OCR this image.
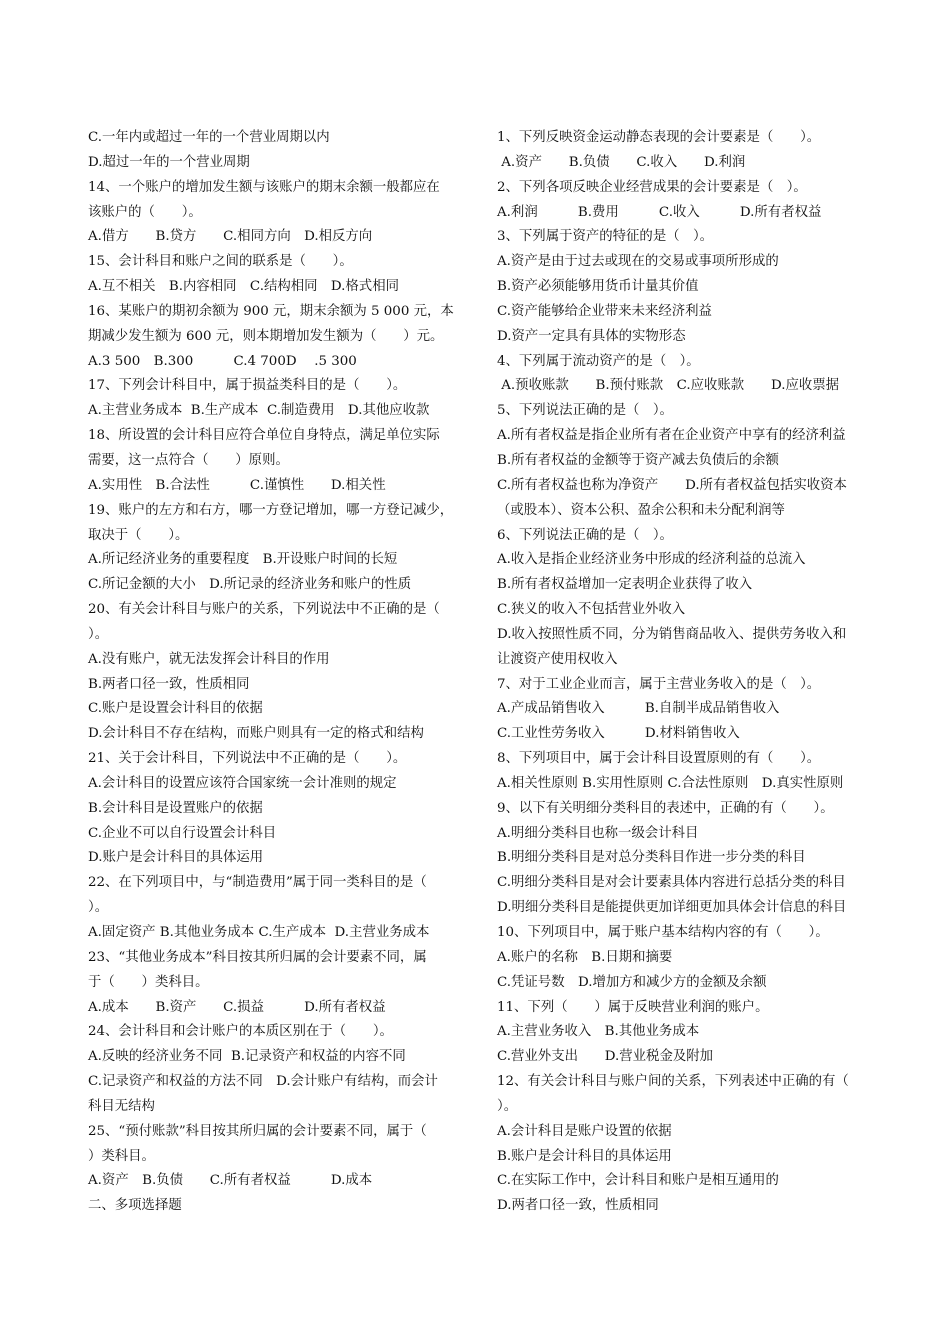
C.一年内或超过一年的一个营业周期以内
D.超过一年的一个营业周期
14、一个账户的增加发生额与该账户的期末余额一般都应在
该账户的（　　）。
A.借方　　B.贷方　　C.相同方向　D.相反方向
15、会计科目和账户之间的联系是（　　）。
A.互不相关　B.内容相同　C.结构相同　D.格式相同
16、某账户的期初余额为 900 元，期末余额为 5 000 元，本
期减少发生额为 600 元，则本期增加发生额为（　　）元。
A.3 500　B.300　　　C.4 700D　 .5 300
17、下列会计科目中，属于损益类科目的是（　　）。
A.主营业务成本  B.生产成本  C.制造费用　D.其他应收款
18、所设置的会计科目应符合单位自身特点，满足单位实际
需要，这一点符合（　　）原则。
A.实用性　B.合法性　　　C.谨慎性　　D.相关性
19、账户的左方和右方，哪一方登记增加，哪一方登记减少，
取决于（　　）。
A.所记经济业务的重要程度　B.开设账户时间的长短
C.所记金额的大小　D.所记录的经济业务和账户的性质
20、有关会计科目与账户的关系，下列说法中不正确的是（
）。
A.没有账户，就无法发挥会计科目的作用
B.两者口径一致，性质相同
C.账户是设置会计科目的依据
D.会计科目不存在结构，而账户则具有一定的格式和结构
21、关于会计科目，下列说法中不正确的是（　　）。
A.会计科目的设置应该符合国家统一会计准则的规定
B.会计科目是设置账户的依据
C.企业不可以自行设置会计科目
D.账户是会计科目的具体运用
22、在下列项目中，与“制造费用”属于同一类科目的是（
）。
A.固定资产 B.其他业务成本 C.生产成本  D.主营业务成本
23、“其他业务成本”科目按其所归属的会计要素不同，属
于（　　）类科目。
A.成本　　B.资产　　C.损益　　　D.所有者权益
24、会计科目和会计账户的本质区别在于（　　）。
A.反映的经济业务不同  B.记录资产和权益的内容不同
C.记录资产和权益的方法不同　D.会计账户有结构，而会计
科目无结构
25、“预付账款”科目按其所归属的会计要素不同，属于（
）类科目。
A.资产　B.负债　　C.所有者权益　　　D.成本
二、多项选择题
1、下列反映资金运动静态表现的会计要素是（　　）。
A.资产　　B.负债　　C.收入　　D.利润
2、下列各项反映企业经营成果的会计要素是（　）。
A.利润　　　B.费用　　　C.收入　　　D.所有者权益
3、下列属于资产的特征的是（　）。
A.资产是由于过去或现在的交易或事项所形成的
B.资产必须能够用货币计量其价值
C.资产能够给企业带来未来经济利益
D.资产一定具有具体的实物形态
4、下列属于流动资产的是（　）。
A.预收账款　　B.预付账款　C.应收账款　　D.应收票据
5、下列说法正确的是（　）。
A.所有者权益是指企业所有者在企业资产中享有的经济利益
B.所有者权益的金额等于资产减去负债后的余额
C.所有者权益也称为净资产　　D.所有者权益包括实收资本
（或股本）、资本公积、盈余公积和未分配利润等
6、下列说法正确的是（　）。
A.收入是指企业经济业务中形成的经济利益的总流入
B.所有者权益增加一定表明企业获得了收入
C.狭义的收入不包括营业外收入
D.收入按照性质不同，分为销售商品收入、提供劳务收入和
让渡资产使用权收入
7、对于工业企业而言，属于主营业务收入的是（　）。
A.产成品销售收入　　　B.自制半成品销售收入
C.工业性劳务收入　　　D.材料销售收入
8、下列项目中，属于会计科目设置原则的有（　　）。
A.相关性原则 B.实用性原则 C.合法性原则　D.真实性原则
9、以下有关明细分类科目的表述中，正确的有（　　）。
A.明细分类科目也称一级会计科目
B.明细分类科目是对总分类科目作进一步分类的科目
C.明细分类科目是对会计要素具体内容进行总括分类的科目
D.明细分类科目是能提供更加详细更加具体会计信息的科目
10、下列项目中，属于账户基本结构内容的有（　　）。
A.账户的名称　B.日期和摘要
C.凭证号数　D.增加方和减少方的金额及余额
11、下列（　　）属于反映营业利润的账户。
A.主营业务收入　B.其他业务成本
C.营业外支出　　D.营业税金及附加
12、有关会计科目与账户间的关系，下列表述中正确的有（
）。
A.会计科目是账户设置的依据
B.账户是会计科目的具体运用
C.在实际工作中，会计科目和账户是相互通用的
D.两者口径一致，性质相同
